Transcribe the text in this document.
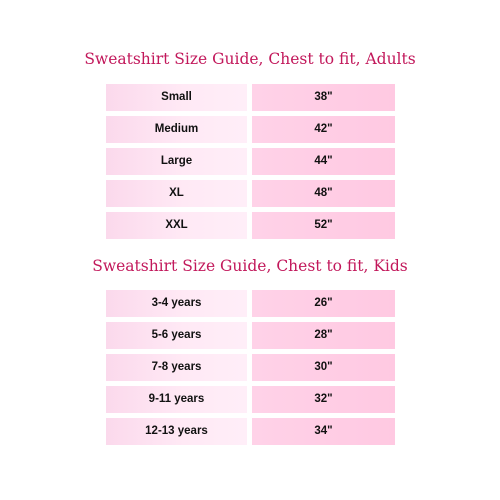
Sweatshirt Size Guide, Chest to fit, Adults
Small	38"
Medium	42"
Large	44"
XL	48"
XXL	52"
Sweatshirt Size Guide, Chest to fit, Kids
3-4 years	26"
5-6 years	28"
7-8 years	30"
9-11 years	32"
12-13 years	34"
